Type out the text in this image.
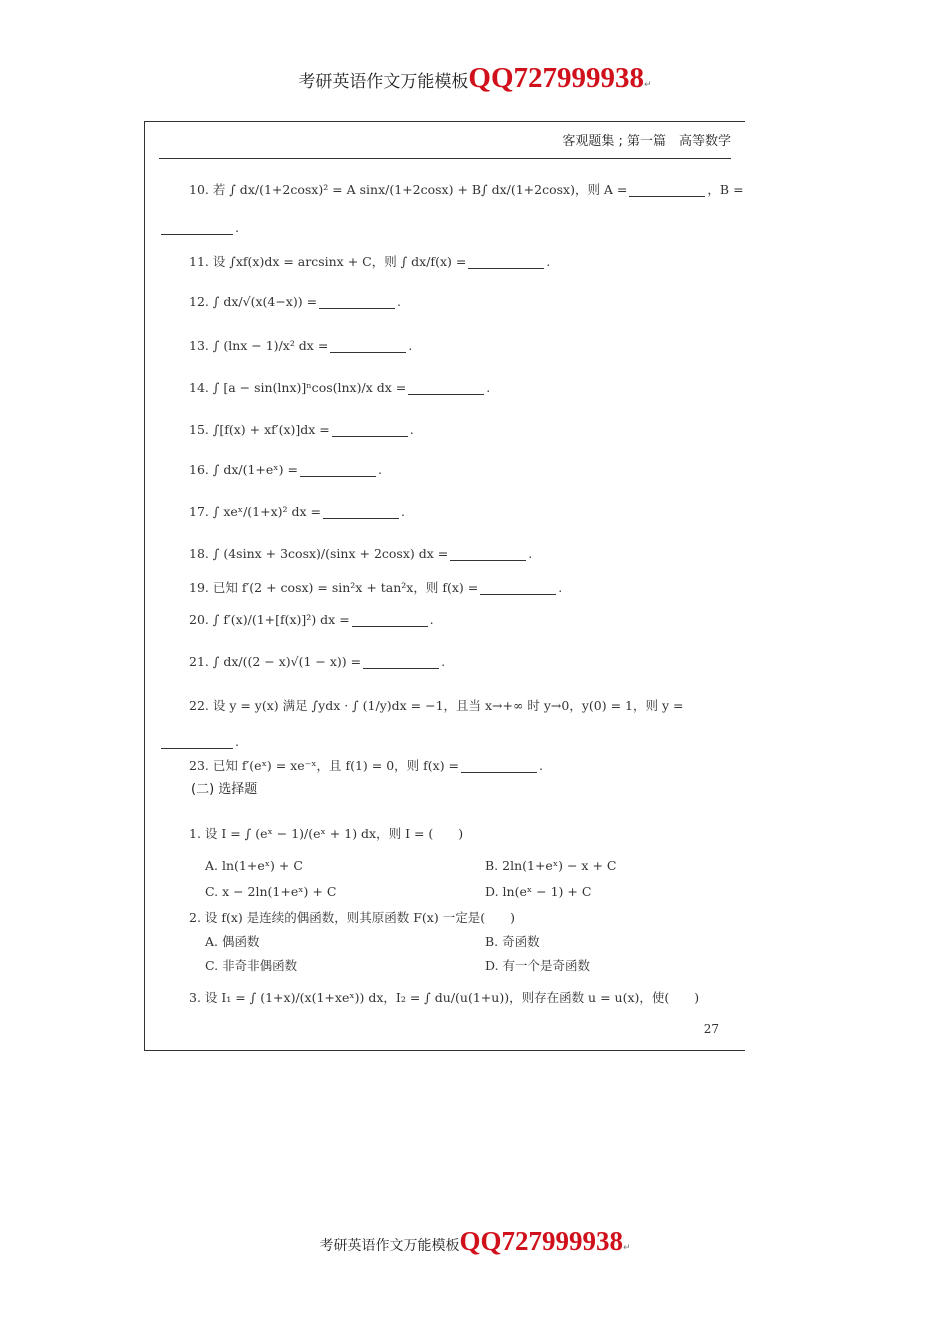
考研英语作文万能模板QQ727999938↵
客观题集 ; 第一篇　高等数学
10. 若 ∫ dx/(1+2cosx)² = A sinx/(1+2cosx) + B∫ dx/(1+2cosx)，则 A =	，B =
.
11. 设 ∫xf(x)dx = arcsinx + C，则 ∫ dx/f(x) =	.
12. ∫ dx/√(x(4−x)) =	.
13. ∫ (lnx − 1)/x² dx =	.
14. ∫ [a − sin(lnx)]ⁿcos(lnx)/x dx =	.
15. ∫[f(x) + xf′(x)]dx =	.
16. ∫ dx/(1+eˣ) =	.
17. ∫ xeˣ/(1+x)² dx =	.
18. ∫ (4sinx + 3cosx)/(sinx + 2cosx) dx =	.
19. 已知 f′(2 + cosx) = sin²x + tan²x，则 f(x) =	.
20. ∫ f′(x)/(1+[f(x)]²) dx =	.
21. ∫ dx/((2 − x)√(1 − x)) =	.
22. 设 y = y(x) 满足 ∫ydx · ∫ (1/y)dx = −1，且当 x→+∞ 时 y→0，y(0) = 1，则 y =
.
23. 已知 f′(eˣ) = xe⁻ˣ，且 f(1) = 0，则 f(x) =	.
(二) 选择题
1. 设 I = ∫ (eˣ − 1)/(eˣ + 1) dx，则 I = (　　)
A. ln(1+eˣ) + C	B. 2ln(1+eˣ) − x + C
C. x − 2ln(1+eˣ) + C	D. ln(eˣ − 1) + C
2. 设 f(x) 是连续的偶函数，则其原函数 F(x) 一定是(　　)
A. 偶函数	B. 奇函数
C. 非奇非偶函数	D. 有一个是奇函数
3. 设 I₁ = ∫ (1+x)/(x(1+xeˣ)) dx，I₂ = ∫ du/(u(1+u))，则存在函数 u = u(x)，使(　　)
27
考研英语作文万能模板QQ727999938↵
